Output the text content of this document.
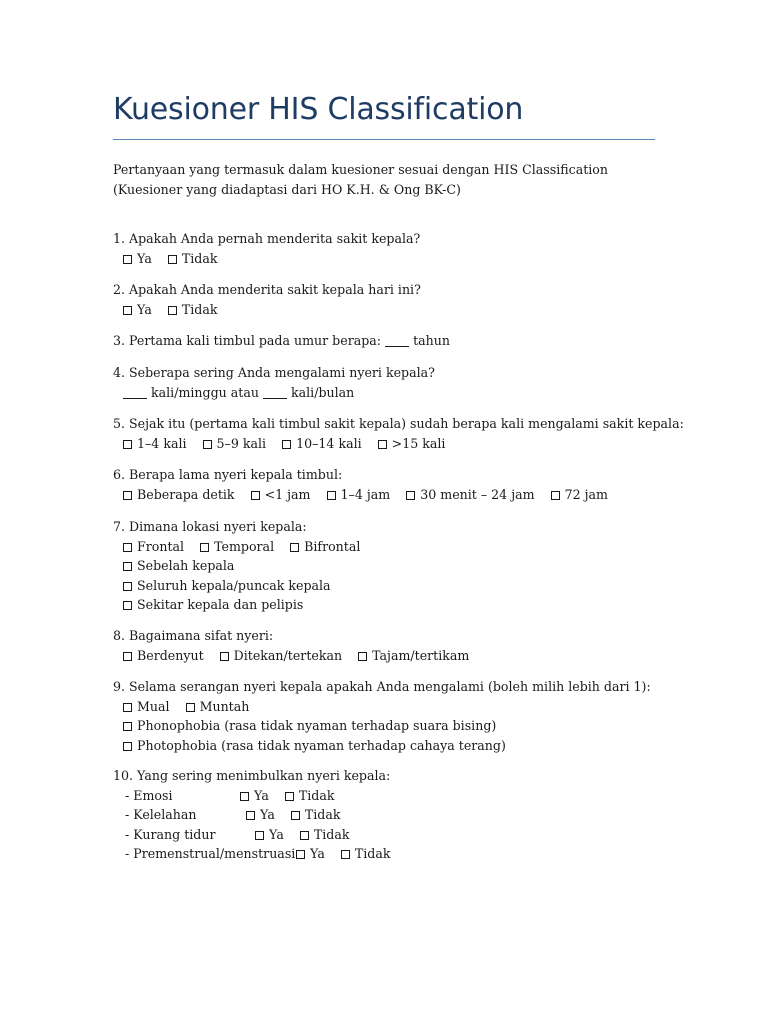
Kuesioner HIS Classification
Pertanyaan yang termasuk dalam kuesioner sesuai dengan HIS Classification
(Kuesioner yang diadaptasi dari HO K.H. & Ong BK-C)
1. Apakah Anda pernah menderita sakit kepala?
Ya Tidak
2. Apakah Anda menderita sakit kepala hari ini?
Ya Tidak
3. Pertama kali timbul pada umur berapa:	tahun
4. Seberapa sering Anda mengalami nyeri kepala?
kali/minggu atau	kali/bulan
5. Sejak itu (pertama kali timbul sakit kepala) sudah berapa kali mengalami sakit kepala:
1–4 kali 5–9 kali 10–14 kali >15 kali
6. Berapa lama nyeri kepala timbul:
Beberapa detik <1 jam 1–4 jam 30 menit – 24 jam 72 jam
7. Dimana lokasi nyeri kepala:
Frontal Temporal Bifrontal
Sebelah kepala
Seluruh kepala/puncak kepala
Sekitar kepala dan pelipis
8. Bagaimana sifat nyeri:
Berdenyut Ditekan/tertekan Tajam/tertikam
9. Selama serangan nyeri kepala apakah Anda mengalami (boleh milih lebih dari 1):
Mual Muntah
Phonophobia (rasa tidak nyaman terhadap suara bising)
Photophobia (rasa tidak nyaman terhadap cahaya terang)
10. Yang sering menimbulkan nyeri kepala:
- Emosi	Ya Tidak
- Kelelahan	Ya Tidak
- Kurang tidur	Ya Tidak
- Premenstrual/menstruasi	Ya Tidak
